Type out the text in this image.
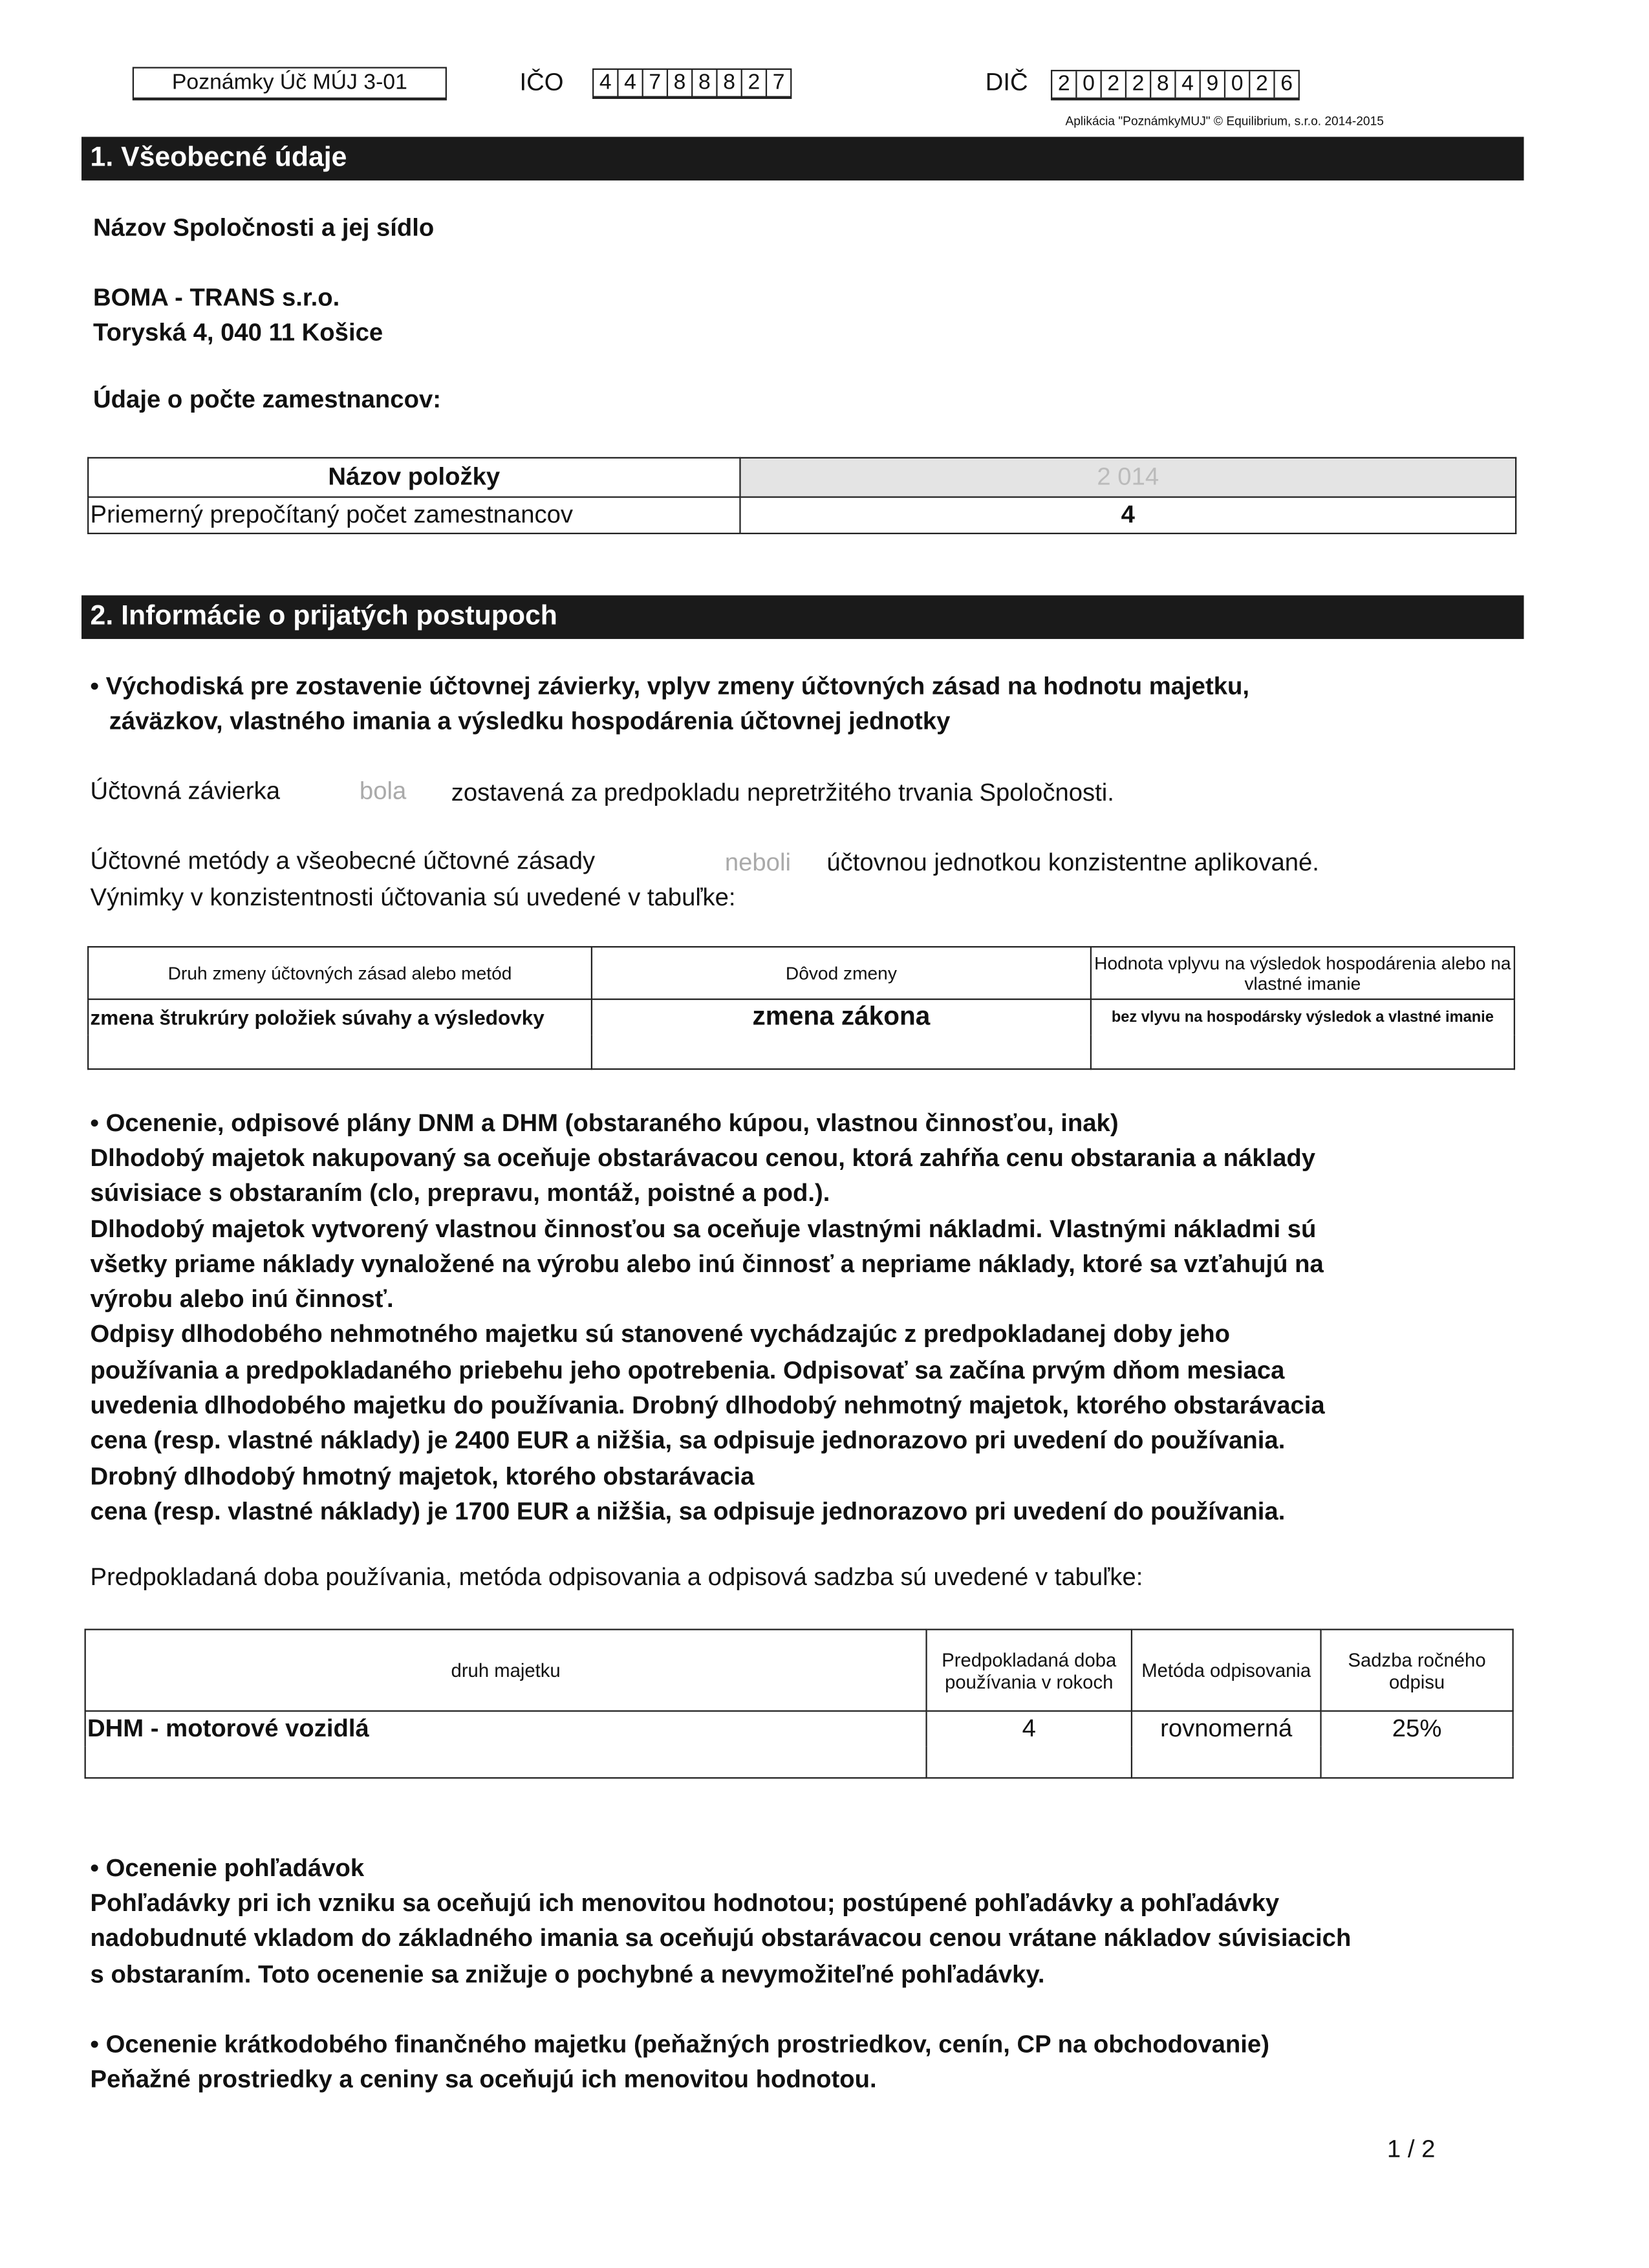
Poznámky Úč MÚJ 3-01	IČO	4	4	7	8	8	8	2	7	DIČ	2	0	2	2	8	4	9	0	2	6
Aplikácia "PoznámkyMUJ" © Equilibrium, s.r.o. 2014-2015
1. Všeobecné údaje
Názov Spoločnosti a jej sídlo
BOMA - TRANS s.r.o.
Toryská 4, 040 11 Košice
Údaje o počte zamestnancov:
Názov položky	2 014
Priemerný prepočítaný počet zamestnancov	4
2. Informácie o prijatých postupoch
• Východiská pre zostavenie účtovnej závierky, vplyv zmeny účtovných zásad na hodnotu majetku,
záväzkov, vlastného imania a výsledku hospodárenia účtovnej jednotky
Účtovná závierka	bola	zostavená za predpokladu nepretržitého trvania Spoločnosti.
Účtovné metódy a všeobecné účtovné zásady	neboli	účtovnou jednotkou konzistentne aplikované.
Výnimky v konzistentnosti účtovania sú uvedené v tabuľke:
Druh zmeny účtovných zásad alebo metód	Dôvod zmeny	Hodnota vplyvu na výsledok hospodárenia alebo na vlastné imanie
zmena štrukrúry položiek súvahy a výsledovky	zmena zákona	bez vlyvu na hospodársky výsledok a vlastné imanie

• Ocenenie, odpisové plány DNM a DHM (obstaraného kúpou, vlastnou činnosťou, inak)
Dlhodobý majetok nakupovaný sa oceňuje obstarávacou cenou, ktorá zahŕňa cenu obstarania a náklady
súvisiace s obstaraním (clo, prepravu, montáž, poistné a pod.).
Dlhodobý majetok vytvorený vlastnou činnosťou sa oceňuje vlastnými nákladmi. Vlastnými nákladmi sú
všetky priame náklady vynaložené na výrobu alebo inú činnosť a nepriame náklady, ktoré sa vzťahujú na
výrobu alebo inú činnosť.
Odpisy dlhodobého nehmotného majetku sú stanovené vychádzajúc z predpokladanej doby jeho
používania a predpokladaného priebehu jeho opotrebenia. Odpisovať sa začína prvým dňom mesiaca
uvedenia dlhodobého majetku do používania. Drobný dlhodobý nehmotný majetok, ktorého obstarávacia
cena (resp. vlastné náklady) je 2400 EUR a nižšia, sa odpisuje jednorazovo pri uvedení do používania.
Drobný dlhodobý hmotný majetok, ktorého obstarávacia
cena (resp. vlastné náklady) je 1700 EUR a nižšia, sa odpisuje jednorazovo pri uvedení do používania.
Predpokladaná doba používania, metóda odpisovania a odpisová sadzba sú uvedené v tabuľke:
druh majetku	Predpokladaná doba používania v rokoch	Metóda odpisovania	Sadzba ročného odpisu
DHM - motorové vozidlá	4	rovnomerná	25%

• Ocenenie pohľadávok
Pohľadávky pri ich vzniku sa oceňujú ich menovitou hodnotou; postúpené pohľadávky a pohľadávky
nadobudnuté vkladom do základného imania sa oceňujú obstarávacou cenou vrátane nákladov súvisiacich
s obstaraním. Toto ocenenie sa znižuje o pochybné a nevymožiteľné pohľadávky.
• Ocenenie krátkodobého finančného majetku (peňažných prostriedkov, cenín, CP na obchodovanie)
Peňažné prostriedky a ceniny sa oceňujú ich menovitou hodnotou.
1 / 2
